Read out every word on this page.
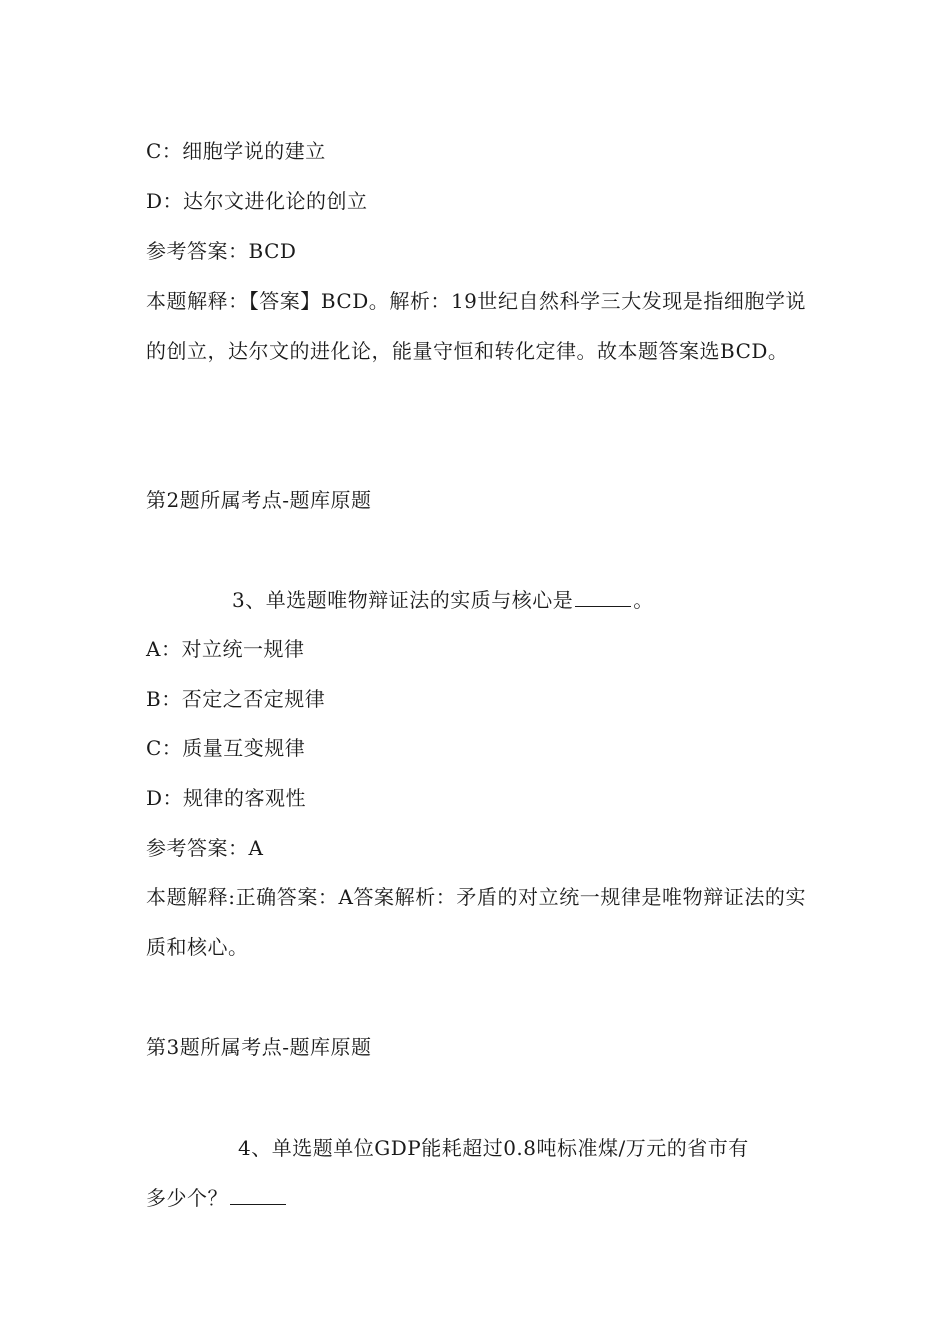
C：细胞学说的建立
D：达尔文进化论的创立
参考答案：BCD
本题解释：【答案】BCD。解析：19世纪自然科学三大发现是指细胞学说的创立，达尔文的进化论，能量守恒和转化定律。故本题答案选BCD。
第2题所属考点-题库原题
3、单选题唯物辩证法的实质与核心是	。
A：对立统一规律
B：否定之否定规律
C：质量互变规律
D：规律的客观性
参考答案：A
本题解释:正确答案：A答案解析：矛盾的对立统一规律是唯物辩证法的实质和核心。
第3题所属考点-题库原题
4、单选题单位GDP能耗超过0.8吨标准煤/万元的省市有
多少个？
